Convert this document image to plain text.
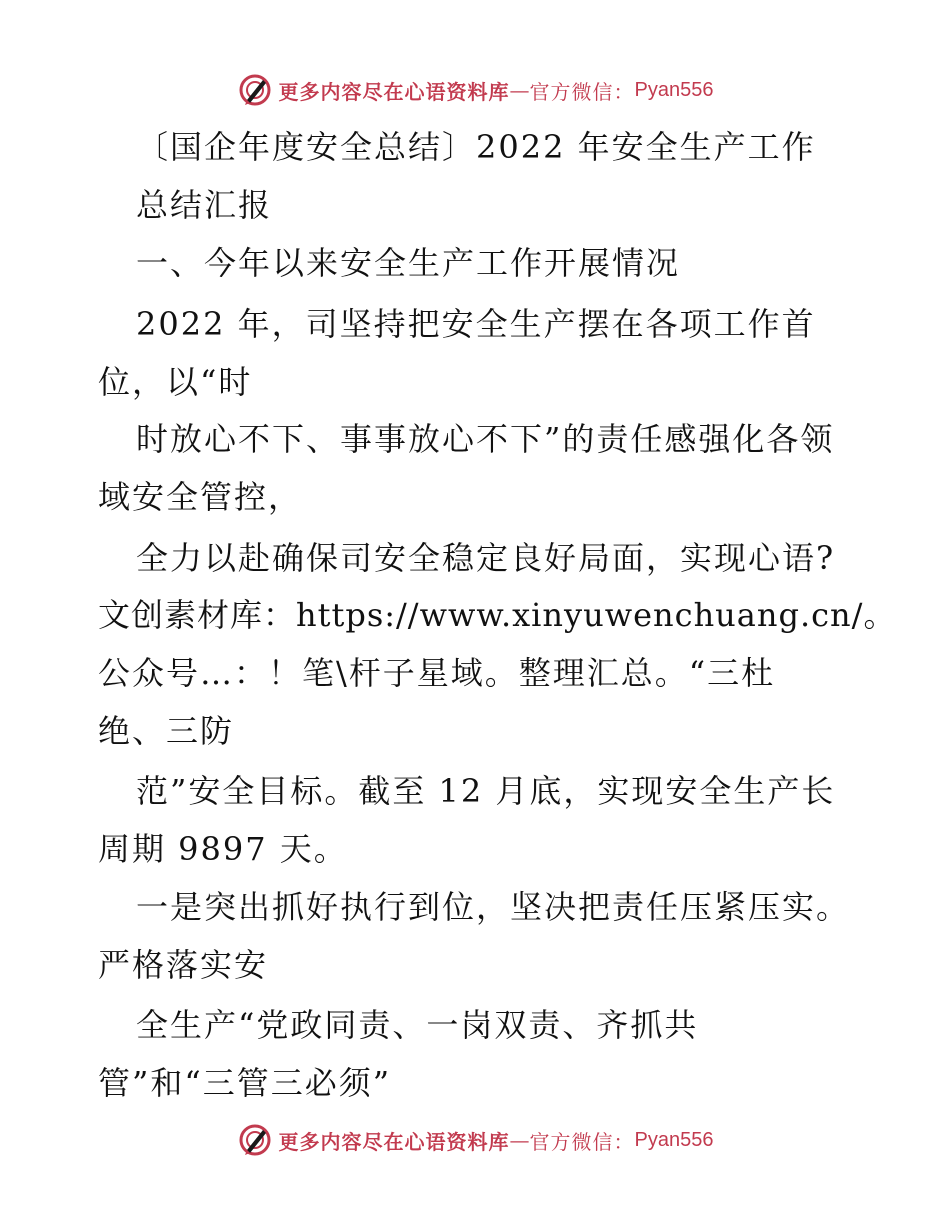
更多内容尽在心语资料库 — 官方微信： Pyan556
〔国企年度安全总结〕2022 年安全生产工作
总结汇报
一、今年以来安全生产工作开展情况
2022 年，司坚持把安全生产摆在各项工作首
位，以“时
时放心不下、事事放心不下”的责任感强化各领
域安全管控，
全力以赴确保司安全稳定良好局面，实现心语?
文创素材库：https://www.xinyuwenchuang.cn/。
公众号…：！笔\杆子星域。整理汇总。“三杜
绝、三防
范”安全目标。截至 12 月底，实现安全生产长
周期 9897 天。
一是突出抓好执行到位，坚决把责任压紧压实。
严格落实安
全生产“党政同责、一岗双责、齐抓共
管”和“三管三必须”
更多内容尽在心语资料库 — 官方微信： Pyan556
